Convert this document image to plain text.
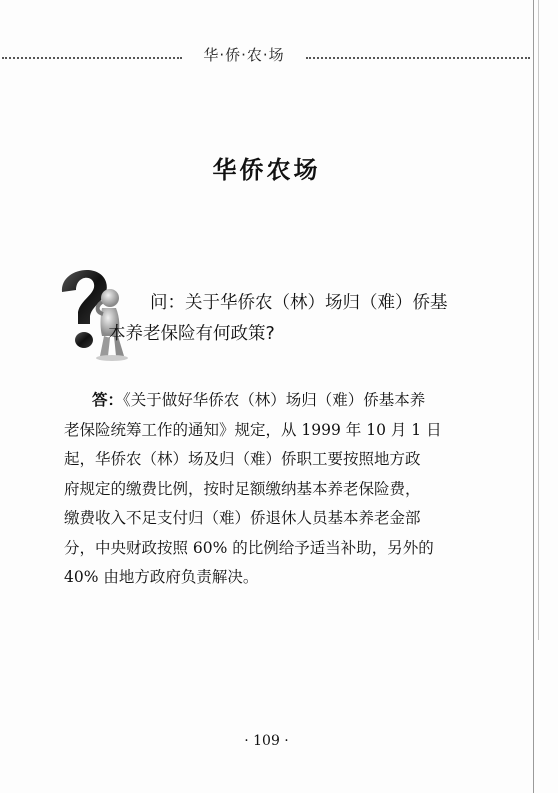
华·侨·农·场
华侨农场
问：关于华侨农（林）场归（难）侨基
本养老保险有何政策?
答：《关于做好华侨农（林）场归（难）侨基本养
老保险统筹工作的通知》规定，从 1999 年 10 月 1 日
起，华侨农（林）场及归（难）侨职工要按照地方政
府规定的缴费比例，按时足额缴纳基本养老保险费，
缴费收入不足支付归（难）侨退休人员基本养老金部
分，中央财政按照 60% 的比例给予适当补助，另外的
40% 由地方政府负责解决。
· 109 ·
